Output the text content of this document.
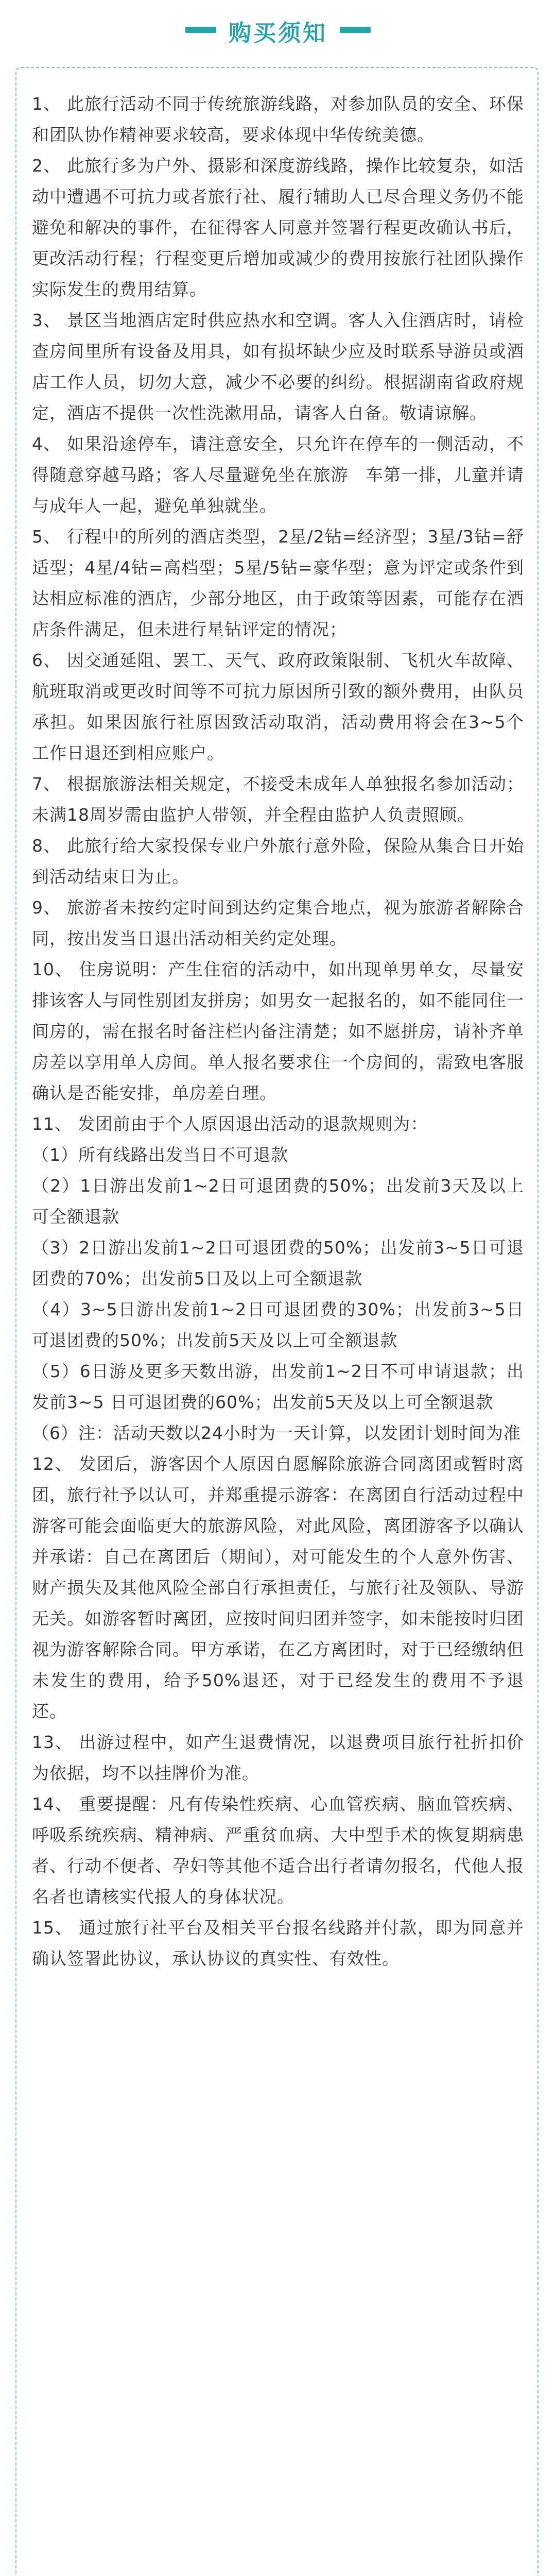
购买须知

1、 此旅行活动不同于传统旅游线路，对参加队员的安全、环保和团队协作精神要求较高，要求体现中华传统美德。

2、 此旅行多为户外、摄影和深度游线路，操作比较复杂，如活动中遭遇不可抗力或者旅行社、履行辅助人已尽合理义务仍不能避免和解决的事件，在征得客人同意并签署行程更改确认书后，更改活动行程；行程变更后增加或减少的费用按旅行社团队操作实际发生的费用结算。

3、 景区当地酒店定时供应热水和空调。客人入住酒店时，请检查房间里所有设备及用具，如有损坏缺少应及时联系导游员或酒店工作人员，切勿大意，减少不必要的纠纷。根据湖南省政府规定，酒店不提供一次性洗漱用品，请客人自备。敬请谅解。

4、 如果沿途停车，请注意安全，只允许在停车的一侧活动，不得随意穿越马路；客人尽量避免坐在旅游　车第一排，儿童并请与成年人一起，避免单独就坐。

5、 行程中的所列的酒店类型，2星/2钻=经济型；3星/3钻=舒适型；4星/4钻=高档型；5星/5钻=豪华型；意为评定或条件到达相应标准的酒店，少部分地区，由于政策等因素，可能存在酒店条件满足，但未进行星钻评定的情况；

6、 因交通延阻、罢工、天气、政府政策限制、飞机火车故障、航班取消或更改时间等不可抗力原因所引致的额外费用，由队员承担。如果因旅行社原因致活动取消，活动费用将会在3~5个工作日退还到相应账户。

7、 根据旅游法相关规定，不接受未成年人单独报名参加活动；未满18周岁需由监护人带领，并全程由监护人负责照顾。

8、 此旅行给大家投保专业户外旅行意外险，保险从集合日开始到活动结束日为止。

9、 旅游者未按约定时间到达约定集合地点，视为旅游者解除合同，按出发当日退出活动相关约定处理。

10、 住房说明：产生住宿的活动中，如出现单男单女，尽量安排该客人与同性别团友拼房；如男女一起报名的，如不能同住一间房的，需在报名时备注栏内备注清楚；如不愿拼房，请补齐单房差以享用单人房间。单人报名要求住一个房间的，需致电客服确认是否能安排，单房差自理。

11、 发团前由于个人原因退出活动的退款规则为：

（1）所有线路出发当日不可退款

（2）1日游出发前1~2日可退团费的50%；出发前3天及以上可全额退款

（3）2日游出发前1~2日可退团费的50%；出发前3~5日可退团费的70%；出发前5日及以上可全额退款

（4）3~5日游出发前1~2日可退团费的30%；出发前3~5日可退团费的50%；出发前5天及以上可全额退款

（5）6日游及更多天数出游，出发前1~2日不可申请退款；出发前3~5 日可退团费的60%；出发前5天及以上可全额退款

（6）注：活动天数以24小时为一天计算，以发团计划时间为准

12、 发团后，游客因个人原因自愿解除旅游合同离团或暂时离团，旅行社予以认可，并郑重提示游客：在离团自行活动过程中游客可能会面临更大的旅游风险，对此风险，离团游客予以确认并承诺：自己在离团后（期间），对可能发生的个人意外伤害、财产损失及其他风险全部自行承担责任，与旅行社及领队、导游无关。如游客暂时离团，应按时间归团并签字，如未能按时归团视为游客解除合同。甲方承诺，在乙方离团时，对于已经缴纳但未发生的费用，给予50%退还，对于已经发生的费用不予退还。

13、 出游过程中，如产生退费情况，以退费项目旅行社折扣价为依据，均不以挂牌价为准。

14、 重要提醒：凡有传染性疾病、心血管疾病、脑血管疾病、呼吸系统疾病、精神病、严重贫血病、大中型手术的恢复期病患者、行动不便者、孕妇等其他不适合出行者请勿报名，代他人报名者也请核实代报人的身体状况。

15、 通过旅行社平台及相关平台报名线路并付款，即为同意并确认签署此协议，承认协议的真实性、有效性。
